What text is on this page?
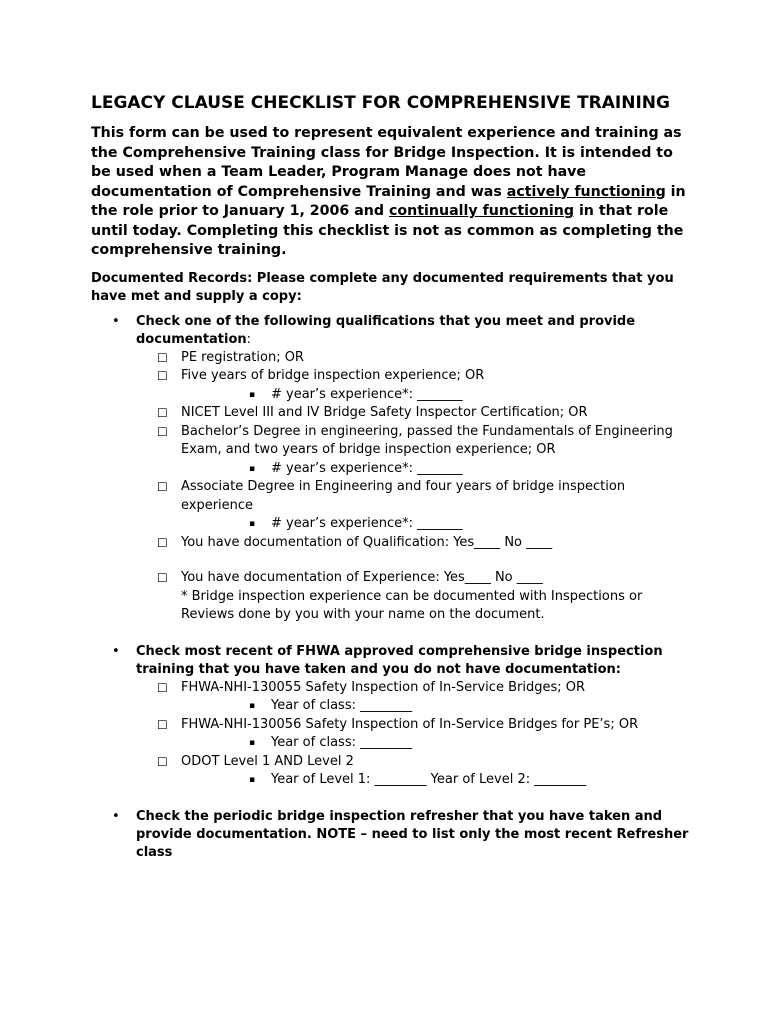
LEGACY CLAUSE CHECKLIST FOR COMPREHENSIVE TRAINING
This form can be used to represent equivalent experience and training as the Comprehensive Training class for Bridge Inspection. It is intended to be used when a Team Leader, Program Manage does not have documentation of Comprehensive Training and was actively functioning in the role prior to January 1, 2006 and continually functioning in that role until today. Completing this checklist is not as common as completing the comprehensive training.
Documented Records: Please complete any documented requirements that you have met and supply a copy:
• Check one of the following qualifications that you meet and provide documentation:
☐ PE registration; OR
☐ Five years of bridge inspection experience; OR
▪ # year’s experience*: _______
☐ NICET Level III and IV Bridge Safety Inspector Certification; OR
☐ Bachelor’s Degree in engineering, passed the Fundamentals of Engineering Exam, and two years of bridge inspection experience; OR
▪ # year’s experience*: _______
☐ Associate Degree in Engineering and four years of bridge inspection experience
▪ # year’s experience*: _______
☐ You have documentation of Qualification: Yes____ No ____
☐ You have documentation of Experience: Yes____ No ____
* Bridge inspection experience can be documented with Inspections or Reviews done by you with your name on the document.
• Check most recent of FHWA approved comprehensive bridge inspection training that you have taken and you do not have documentation:
☐ FHWA-NHI-130055 Safety Inspection of In-Service Bridges; OR
▪ Year of class: ________
☐ FHWA-NHI-130056 Safety Inspection of In-Service Bridges for PE’s; OR
▪ Year of class: ________
☐ ODOT Level 1 AND Level 2
▪ Year of Level 1: ________ Year of Level 2: ________
• Check the periodic bridge inspection refresher that you have taken and provide documentation. NOTE – need to list only the most recent Refresher class
